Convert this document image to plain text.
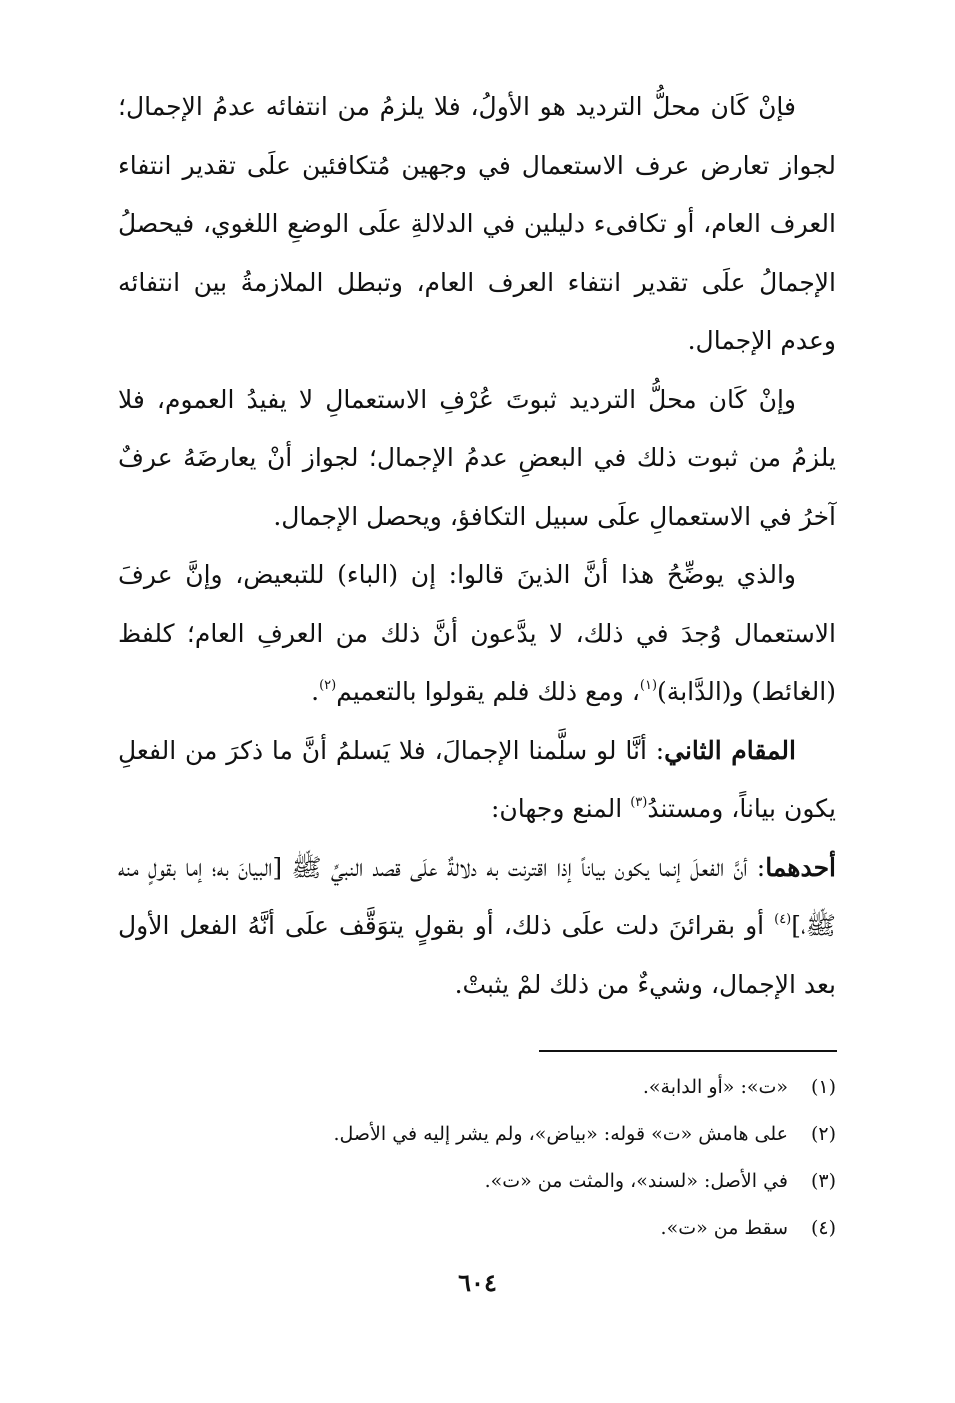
فإنْ كَان محلُّ الترديد هو الأولُ، فلا يلزمُ من انتفائه عدمُ الإجمال؛ لجواز تعارض عرف الاستعمال في وجهين مُتكافئين علَى تقدير انتفاء العرف العام، أو تكافىء دليلين في الدلالةِ علَى الوضعِ اللغوي، فيحصلُ الإجمالُ علَى تقدير انتفاء العرف العام، وتبطل الملازمةُ بين انتفائه وعدم الإجمال.

وإنْ كَان محلُّ الترديد ثبوتَ عُرْفِ الاستعمالِ لا يفيدُ العموم، فلا يلزمُ من ثبوت ذلك في البعضِ عدمُ الإجمال؛ لجواز أنْ يعارضَهُ عرفٌ آخرُ في الاستعمالِ علَى سبيل التكافؤ، ويحصل الإجمال.

والذي يوضِّحُ هذا أنَّ الذينَ قالوا: إن (الباء) للتبعيض، وإنَّ عرفَ الاستعمال وُجدَ في ذلك، لا يدَّعون أنَّ ذلك من العرفِ العام؛ كلفظ (الغائط) و(الدَّابة)$^{(١)}$، ومع ذلك فلم يقولوا بالتعميم$^{(٢)}$.

المقام الثاني: أنَّا لو سلَّمنا الإجمالَ، فلا يَسلمُ أنَّ ما ذكرَ من الفعلِ يكون بياناً، ومستندُ$^{(٣)}$ المنع وجهان:

أحدهما: أنَّ الفعلَ إنما يكون بياناً إذا اقترنت به دلالةٌ علَى قصد النبيِّ ﷺ [البيانَ به؛ إما بقولٍ منه ﷺ،]$^{(٤)}$ أو بقرائنَ دلت علَى ذلك، أو بقولٍ يتوَقَّف علَى أنَّهُ الفعل الأول بعد الإجمال، وشيءٌ من ذلك لمْ يثبتْ.

(١)
«ت»: «أو الدابة».
(٢)
على هامش «ت» قوله: «بياض»، ولم يشر إليه في الأصل.
(٣)
في الأصل: «لسند»، والمثت من «ت».
(٤)
سقط من «ت».
٦٠٤
